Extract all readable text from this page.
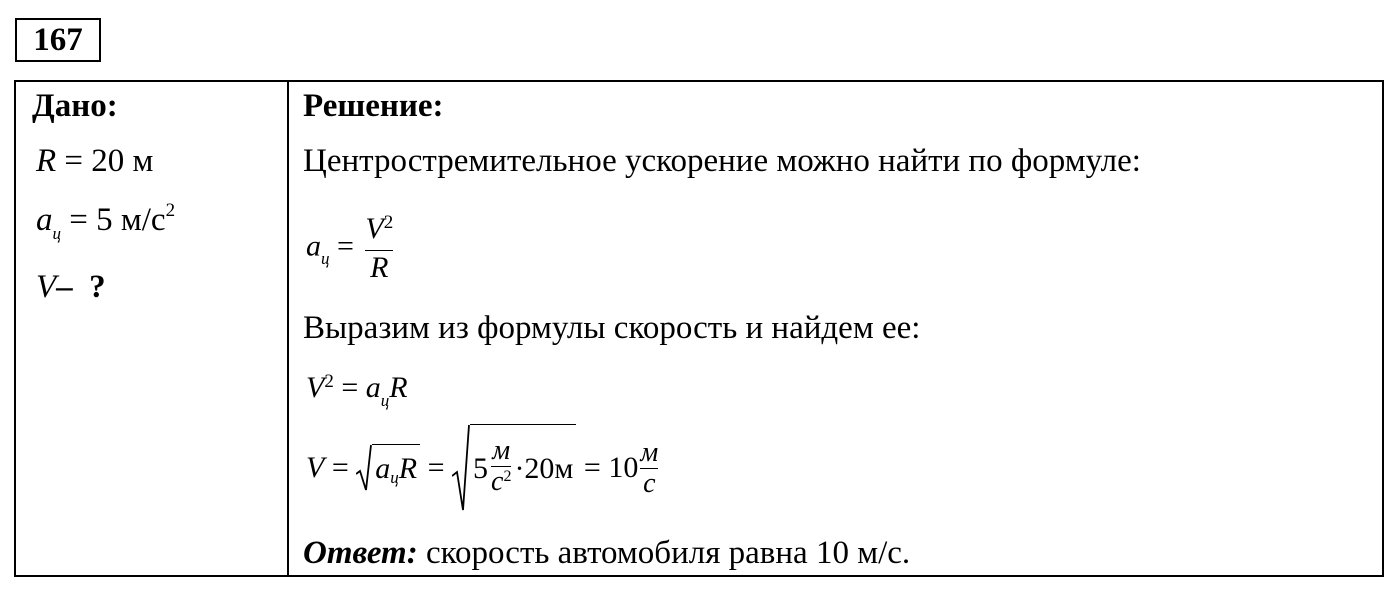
167
Дано:
R = 20 м
$a_ц = 5$ $м/с^2$
V– ?
Решение:
Центростремительное ускорение можно найти по формуле:
$a_ц = \frac{V^2}{R}$
Выразим из формулы скорость и найдем ее:
$V^2 = a_цR$
V = a ц R = 5
м
$с^2 \cdot 20м$
= 10 м
с
Ответ: скорость автомобиля равна 10 м/с.
